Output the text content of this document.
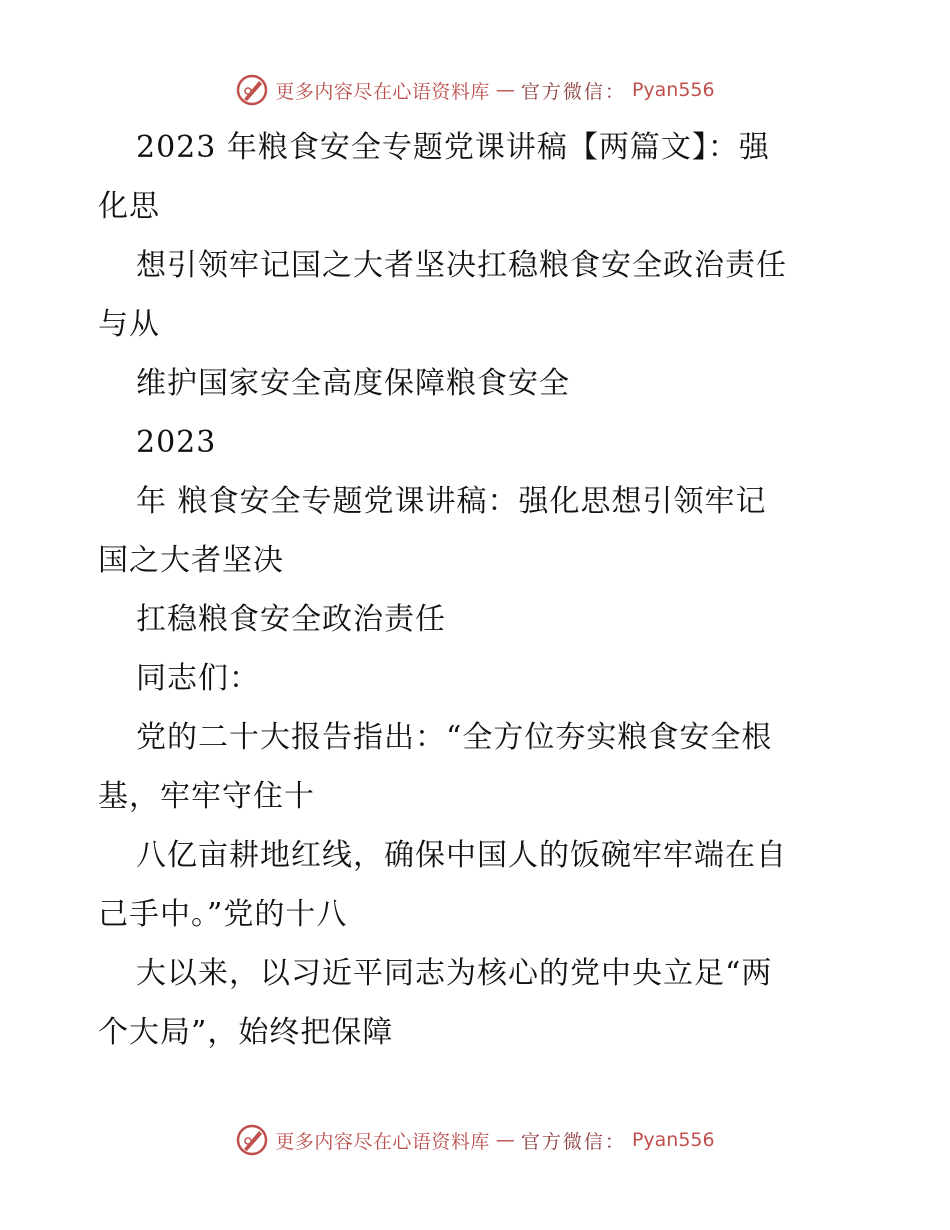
更多内容尽在心语资料库 — 官方微信： Pyan556
2023 年粮食安全专题党课讲稿【两篇文】：强
化思
想引领牢记国之大者坚决扛稳粮食安全政治责任
与从
维护国家安全高度保障粮食安全
2023
年 粮食安全专题党课讲稿：强化思想引领牢记
国之大者坚决
扛稳粮食安全政治责任
同志们：
党的二十大报告指出：“全方位夯实粮食安全根
基，牢牢守住十
八亿亩耕地红线，确保中国人的饭碗牢牢端在自
己手中。”党的十八
大以来，以习近平同志为核心的党中央立足“两
个大局”，始终把保障
更多内容尽在心语资料库 — 官方微信： Pyan556
